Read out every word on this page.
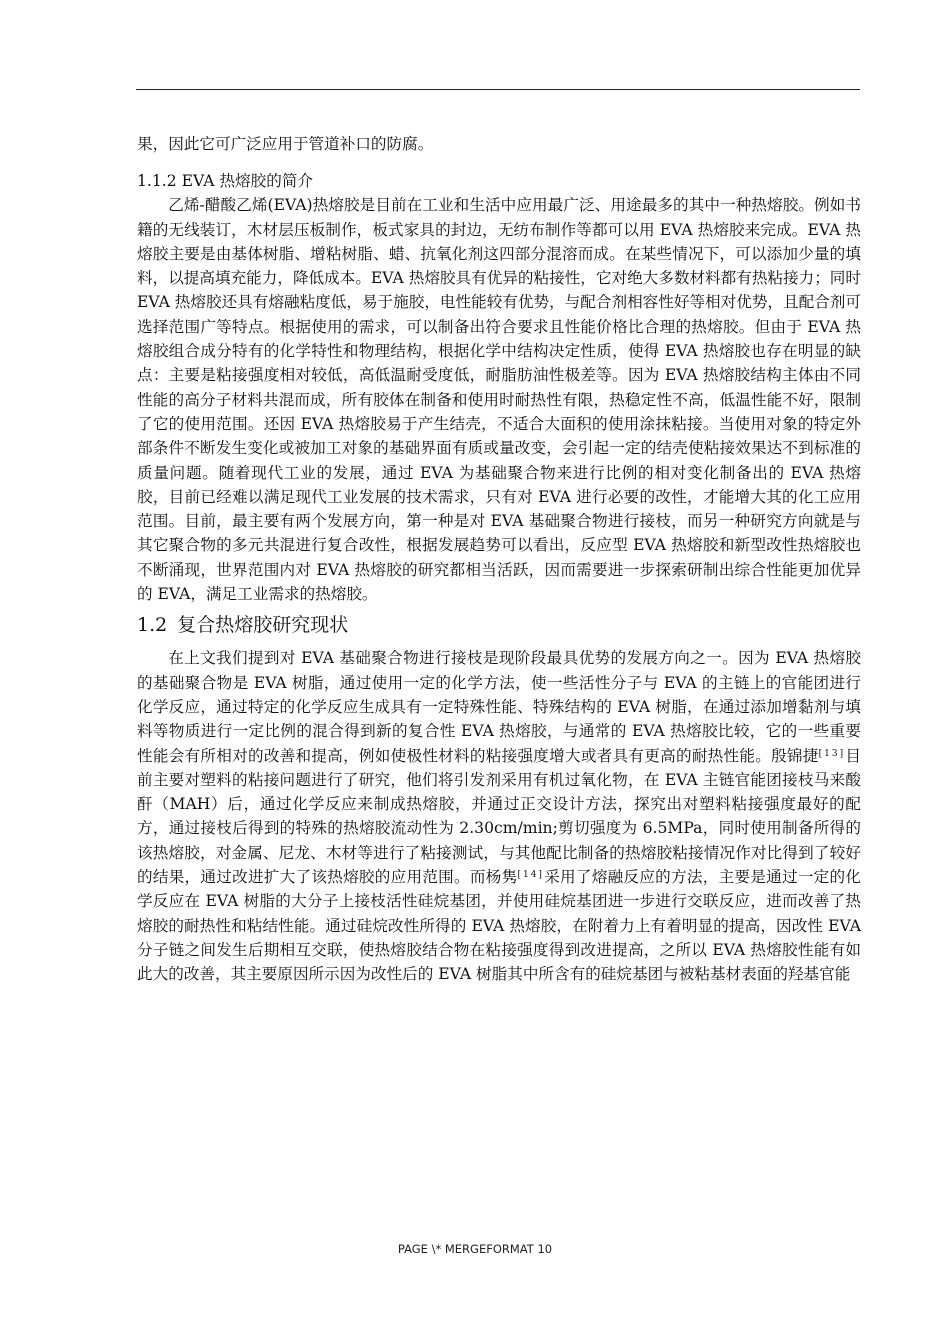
果，因此它可广泛应用于管道补口的防腐。

1.1.2 EVA 热熔胶的简介

乙烯-醋酸乙烯(EVA)热熔胶是目前在工业和生活中应用最广泛、用途最多的其中一种热熔胶。例如书籍的无线装订，木材层压板制作，板式家具的封边，无纺布制作等都可以用 EVA 热熔胶来完成。EVA 热熔胶主要是由基体树脂、增粘树脂、蜡、抗氧化剂这四部分混溶而成。在某些情况下，可以添加少量的填料，以提高填充能力，降低成本。EVA 热熔胶具有优异的粘接性，它对绝大多数材料都有热粘接力；同时 EVA 热熔胶还具有熔融粘度低，易于施胶，电性能较有优势，与配合剂相容性好等相对优势，且配合剂可选择范围广等特点。根据使用的需求，可以制备出符合要求且性能价格比合理的热熔胶。但由于 EVA 热熔胶组合成分特有的化学特性和物理结构，根据化学中结构决定性质，使得 EVA 热熔胶也存在明显的缺点：主要是粘接强度相对较低，高低温耐受度低，耐脂肪油性极差等。因为 EVA 热熔胶结构主体由不同性能的高分子材料共混而成，所有胶体在制备和使用时耐热性有限，热稳定性不高，低温性能不好，限制了它的使用范围。还因 EVA 热熔胶易于产生结壳，不适合大面积的使用涂抹粘接。当使用对象的特定外部条件不断发生变化或被加工对象的基础界面有质或量改变，会引起一定的结壳使粘接效果达不到标准的质量问题。随着现代工业的发展，通过 EVA 为基础聚合物来进行比例的相对变化制备出的 EVA 热熔胶，目前已经难以满足现代工业发展的技术需求，只有对 EVA 进行必要的改性，才能增大其的化工应用范围。目前，最主要有两个发展方向，第一种是对 EVA 基础聚合物进行接枝，而另一种研究方向就是与其它聚合物的多元共混进行复合改性，根据发展趋势可以看出，反应型 EVA 热熔胶和新型改性热熔胶也不断涌现，世界范围内对 EVA 热熔胶的研究都相当活跃，因而需要进一步探索研制出综合性能更加优异的 EVA，满足工业需求的热熔胶。

1.2 复合热熔胶研究现状

在上文我们提到对 EVA 基础聚合物进行接枝是现阶段最具优势的发展方向之一。因为 EVA 热熔胶的基础聚合物是 EVA 树脂，通过使用一定的化学方法，使一些活性分子与 EVA 的主链上的官能团进行化学反应，通过特定的化学反应生成具有一定特殊性能、特殊结构的 EVA 树脂，在通过添加增黏剂与填料等物质进行一定比例的混合得到新的复合性 EVA 热熔胶，与通常的 EVA 热熔胶比较，它的一些重要性能会有所相对的改善和提高，例如使极性材料的粘接强度增大或者具有更高的耐热性能。殷锦捷[13]目前主要对塑料的粘接问题进行了研究，他们将引发剂采用有机过氧化物，在 EVA 主链官能团接枝马来酸酐（MAH）后，通过化学反应来制成热熔胶，并通过正交设计方法，探究出对塑料粘接强度最好的配方，通过接枝后得到的特殊的热熔胶流动性为 2.30cm/min;剪切强度为 6.5MPa，同时使用制备所得的该热熔胶，对金属、尼龙、木材等进行了粘接测试，与其他配比制备的热熔胶粘接情况作对比得到了较好的结果，通过改进扩大了该热熔胶的应用范围。而杨隽[14]采用了熔融反应的方法，主要是通过一定的化学反应在 EVA 树脂的大分子上接枝活性硅烷基团，并使用硅烷基团进一步进行交联反应，进而改善了热熔胶的耐热性和粘结性能。通过硅烷改性所得的 EVA 热熔胶，在附着力上有着明显的提高，因改性 EVA 分子链之间发生后期相互交联，使热熔胶结合物在粘接强度得到改进提高，之所以 EVA 热熔胶性能有如此大的改善，其主要原因所示因为改性后的 EVA 树脂其中所含有的硅烷基团与被粘基材表面的羟基官能

PAGE \* MERGEFORMAT 10
